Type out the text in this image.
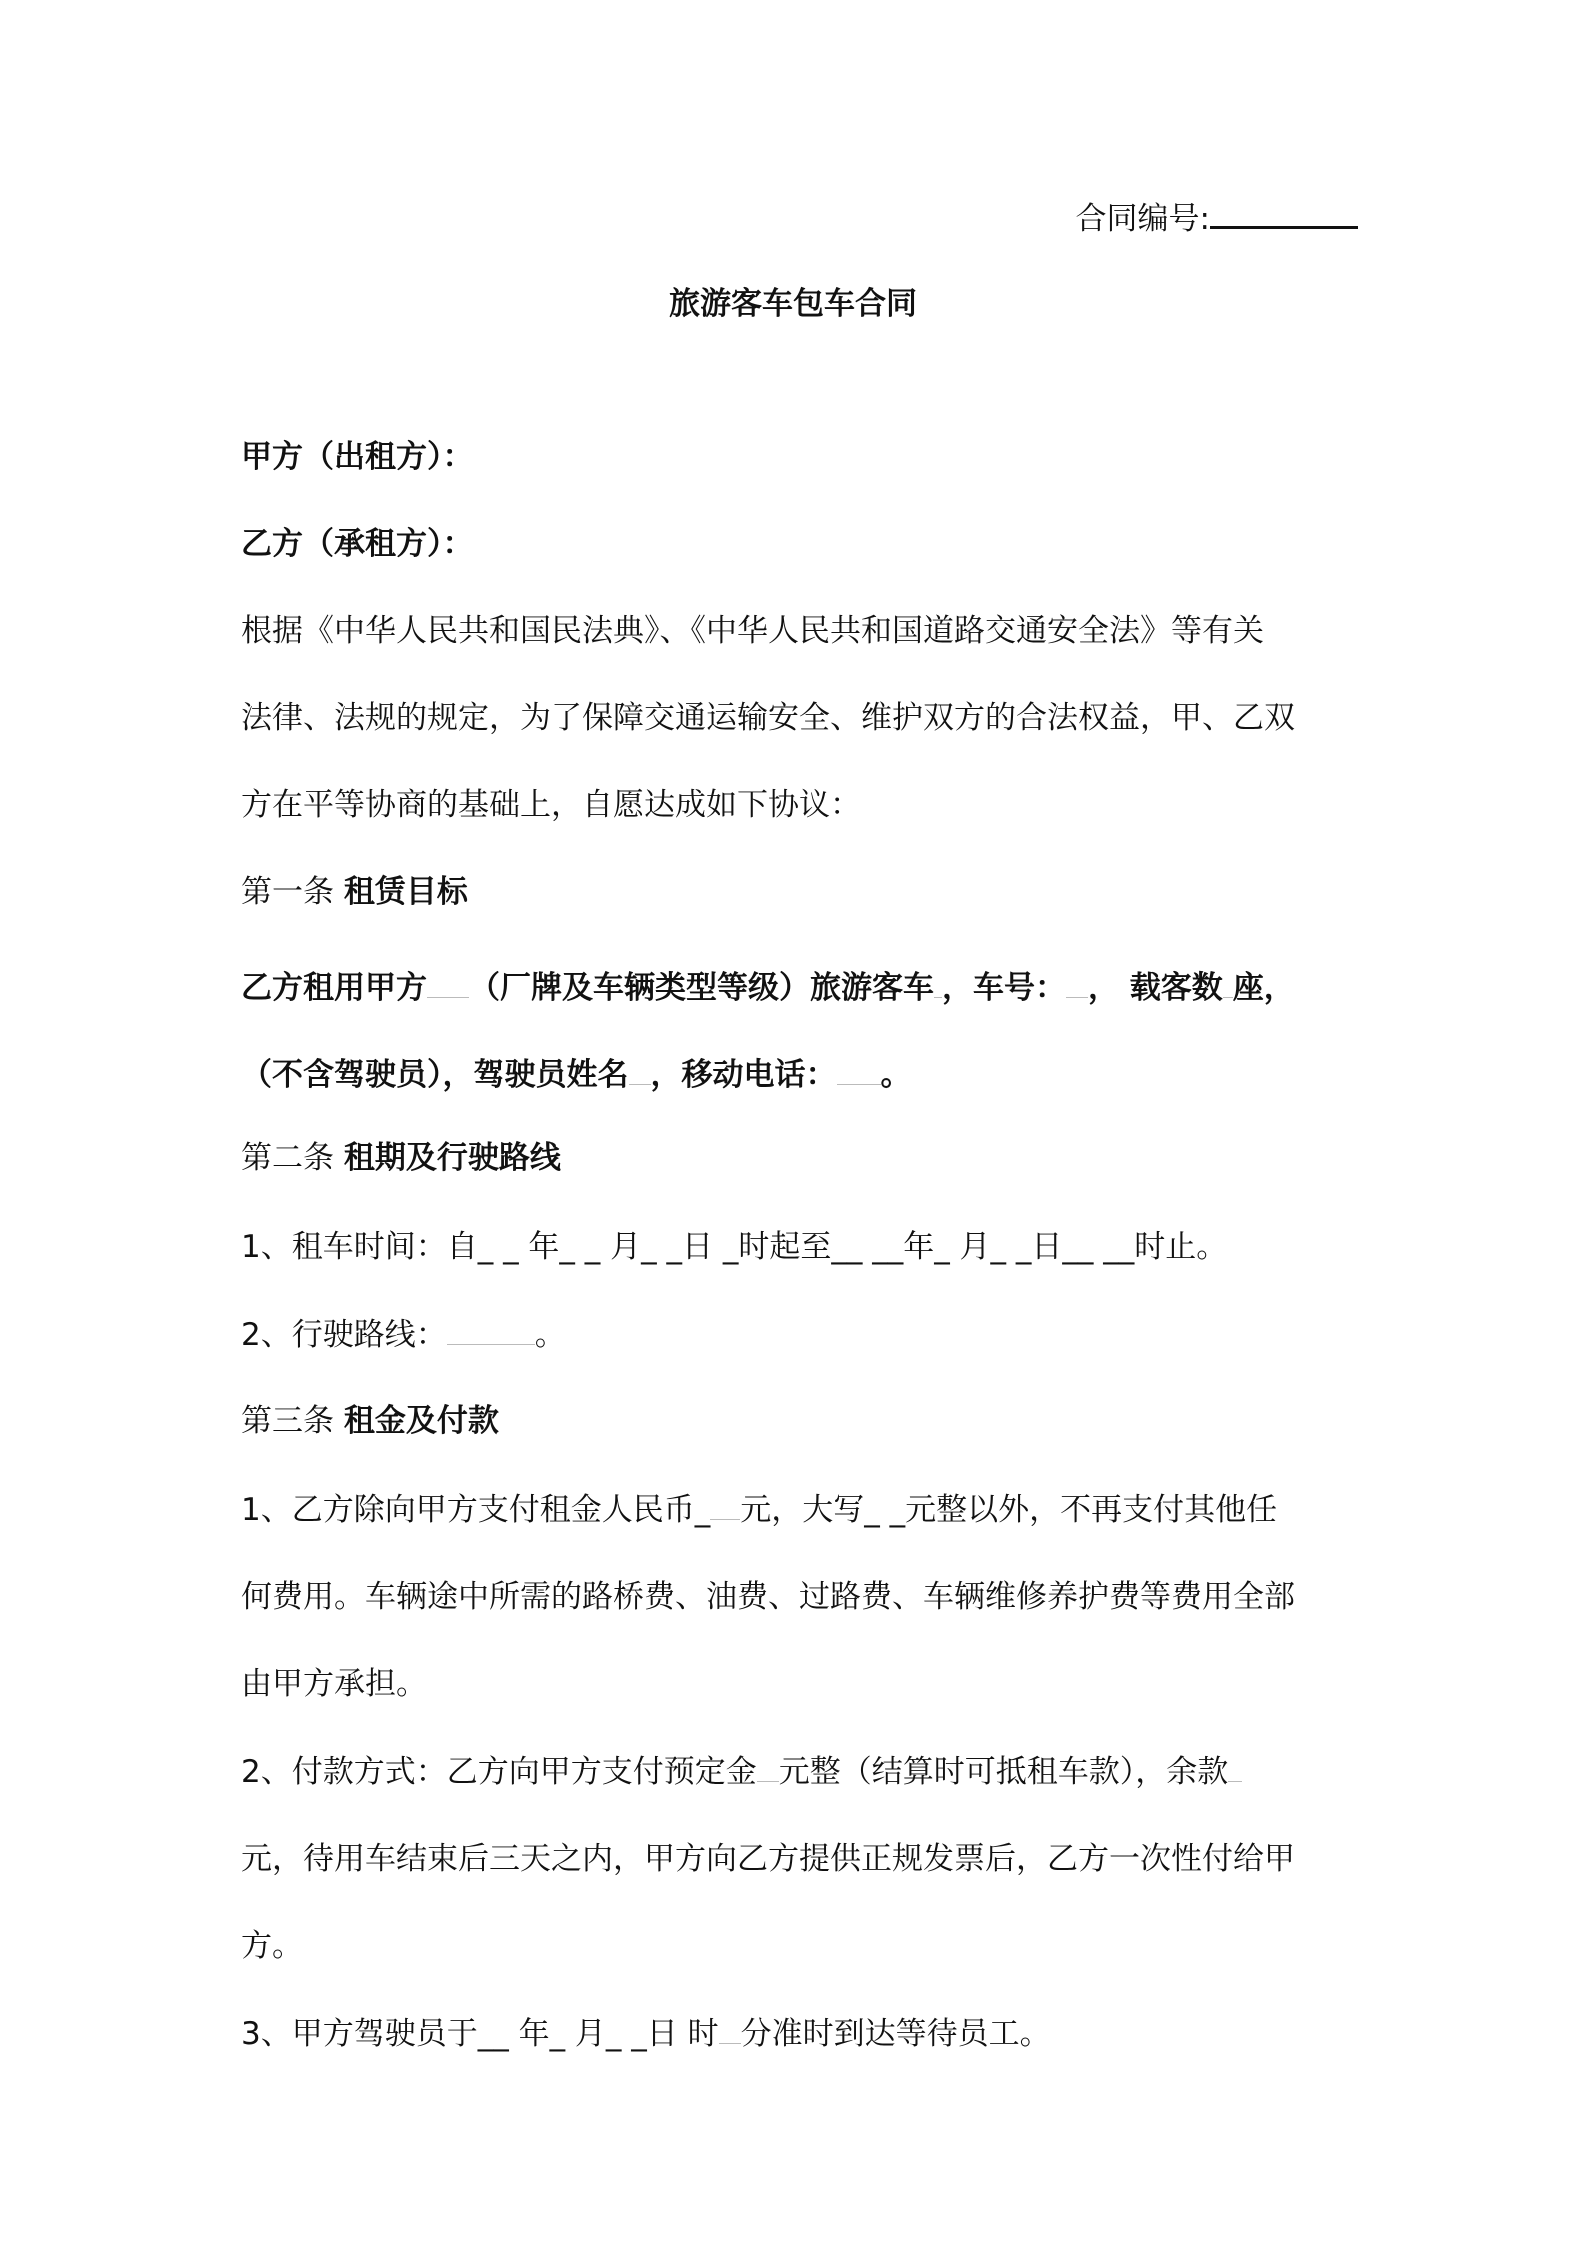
合同编号:
旅游客车包车合同
甲方（出租方）：
乙方（承租方）：
根据《中华人民共和国民法典》、《中华人民共和国道路交通安全法》等有关
法律、法规的规定，为了保障交通运输安全、维护双方的合法权益，甲、乙双
方在平等协商的基础上，自愿达成如下协议：
第一条 租赁目标
乙方租用甲方 （厂牌及车辆类型等级）旅游客车 ，车号： ， 载客数 座，
（不含驾驶员），驾驶员姓名 ，移动电话： 。
第二条 租期及行驶路线
1、租车时间：自_ _ 年_ _ 月_ _日 _时起至__ __年_ 月_ _日__ __时止。
2、行驶路线：	。
第三条 租金及付款
1、乙方除向甲方支付租金人民币_ 元，大写_ _元整以外，不再支付其他任
何费用。车辆途中所需的路桥费、油费、过路费、车辆维修养护费等费用全部
由甲方承担。
2、付款方式：乙方向甲方支付预定金 元整（结算时可抵租车款），余款
元，待用车结束后三天之内，甲方向乙方提供正规发票后，乙方一次性付给甲
方。
3、甲方驾驶员于__ 年_ 月_ _日 时 分准时到达等待员工。
